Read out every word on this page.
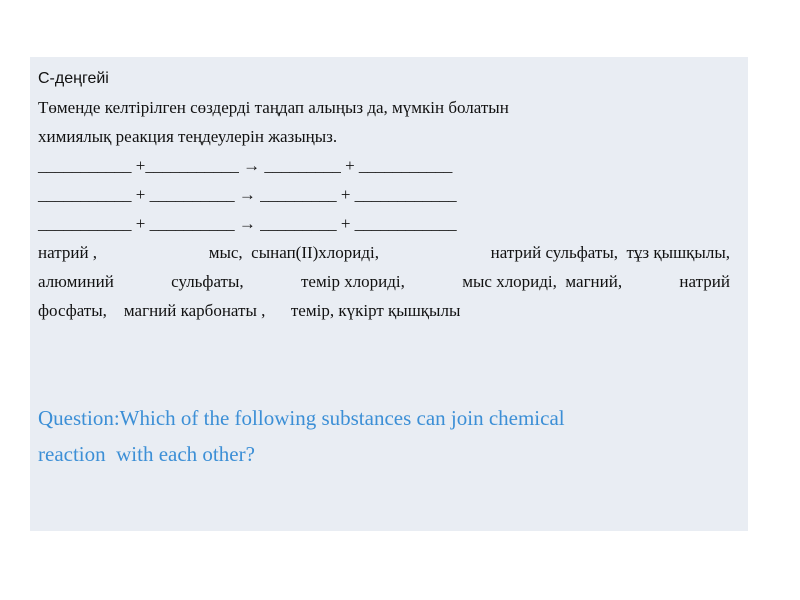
С-деңгейі
Төменде келтірілген сөздерді таңдап алыңыз да, мүмкін болатын
химиялық реакция теңдеулерін жазыңыз.
___________ +___________ → _________ + ___________
___________ + __________ → _________ + ____________
___________ + __________ → _________ + ____________
натрий ,	мыс,  сынап(II)хлориді,	натрий сульфаты,  тұз қышқылы,
алюминий	сульфаты,	темір хлориді,	мыс хлориді,  магний,	натрий
фосфаты,    магний карбонаты ,      темір, күкірт қышқылы
Question:Which of the following substances can join chemical
reaction  with each other?
